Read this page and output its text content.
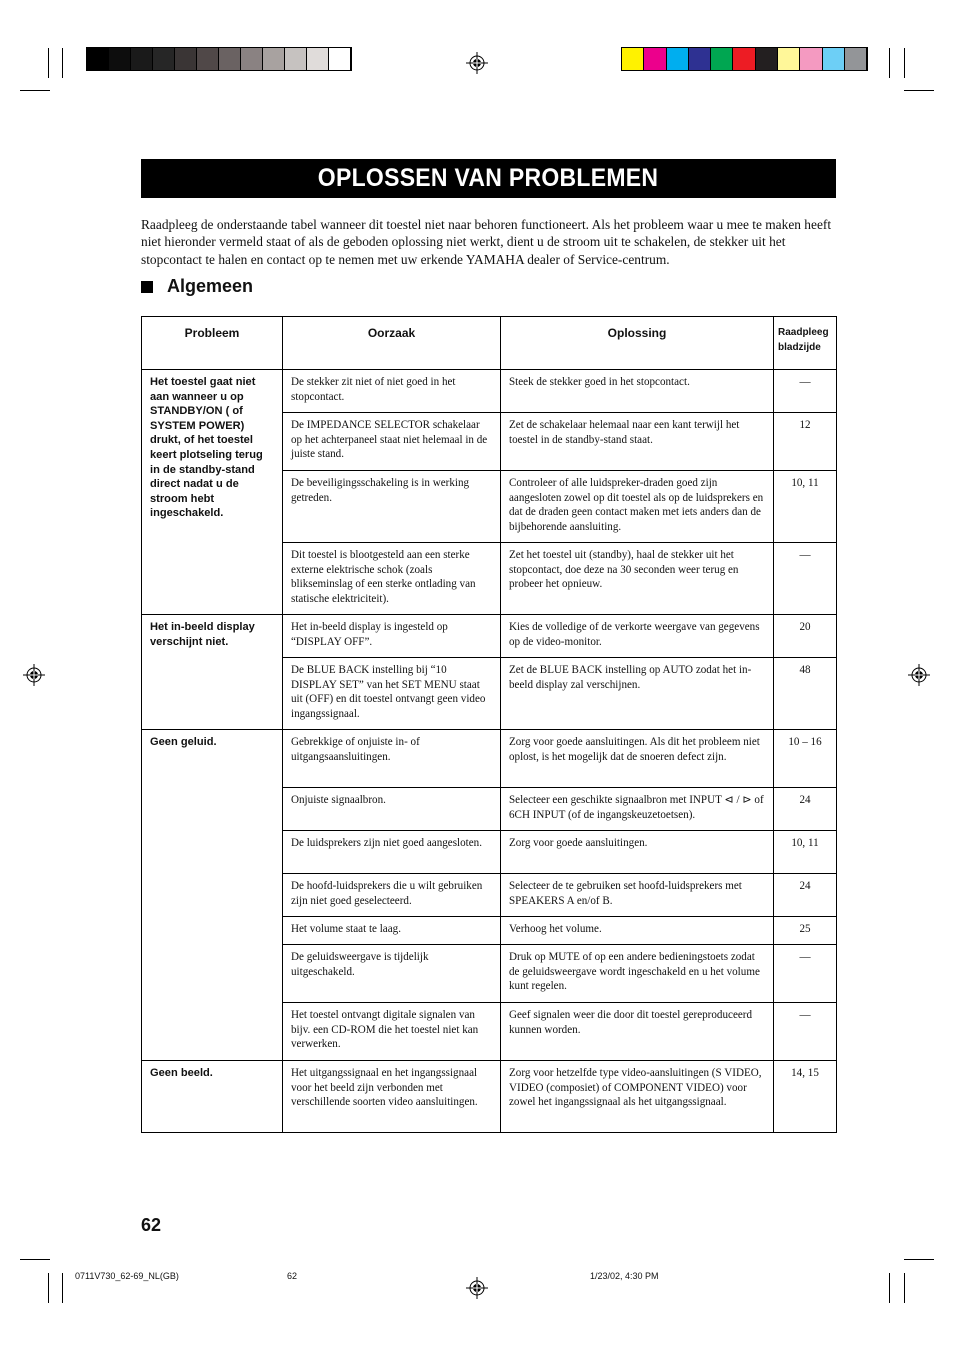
OPLOSSEN VAN PROBLEMEN
Raadpleeg de onderstaande tabel wanneer dit toestel niet naar behoren functioneert. Als het probleem waar u mee te maken heeft niet hieronder vermeld staat of als de geboden oplossing niet werkt, dient u de stroom uit te schakelen, de stekker uit het stopcontact te halen en contact op te nemen met uw erkende YAMAHA dealer of Service-centrum.
Algemeen
Probleem	Oorzaak	Oplossing	Raadpleeg
bladzijde
Het toestel gaat niet aan wanneer u op STANDBY/ON ( of SYSTEM POWER) drukt, of het toestel keert plotseling terug in de standby-stand direct nadat u de stroom hebt ingeschakeld.	De stekker zit niet of niet goed in het stopcontact.	Steek de stekker goed in het stopcontact.	—
	De IMPEDANCE SELECTOR schakelaar op het achterpaneel staat niet helemaal in de juiste stand.	Zet de schakelaar helemaal naar een kant terwijl het toestel in de standby-stand staat.	12
	De beveiligingsschakeling is in werking getreden.	Controleer of alle luidspreker-draden goed zijn aangesloten zowel op dit toestel als op de luidsprekers en dat de draden geen contact maken met iets anders dan de bijbehorende aansluiting.	10, 11
	Dit toestel is blootgesteld aan een sterke externe elektrische schok (zoals blikseminslag of een sterke ontlading van statische elektriciteit).	Zet het toestel uit (standby), haal de stekker uit het stopcontact, doe deze na 30 seconden weer terug en probeer het opnieuw.	—
Het in-beeld display verschijnt niet.	Het in-beeld display is ingesteld op “DISPLAY OFF”.	Kies de volledige of de verkorte weergave van gegevens op de video-monitor.	20
	De BLUE BACK instelling bij “10 DISPLAY SET” van het SET MENU staat uit (OFF) en dit toestel ontvangt geen video ingangssignaal.	Zet de BLUE BACK instelling op AUTO zodat het in-beeld display zal verschijnen.	48
Geen geluid.	Gebrekkige of onjuiste in- of uitgangsaansluitingen.	Zorg voor goede aansluitingen. Als dit het probleem niet oplost, is het mogelijk dat de snoeren defect zijn.	10 – 16
	Onjuiste signaalbron.	Selecteer een geschikte signaalbron met INPUT ⊲ / ⊳ of 6CH INPUT (of de ingangskeuzetoetsen).	24
	De luidsprekers zijn niet goed aangesloten.	Zorg voor goede aansluitingen.	10, 11
	De hoofd-luidsprekers die u wilt gebruiken zijn niet goed geselecteerd.	Selecteer de te gebruiken set hoofd-luidsprekers met SPEAKERS A en/of B.	24
	Het volume staat te laag.	Verhoog het volume.	25
	De geluidsweergave is tijdelijk uitgeschakeld.	Druk op MUTE of op een andere bedieningstoets zodat de geluidsweergave wordt ingeschakeld en u het volume kunt regelen.	—
	Het toestel ontvangt digitale signalen van bijv. een CD-ROM die het toestel niet kan verwerken.	Geef signalen weer die door dit toestel gereproduceerd kunnen worden.	—
Geen beeld.	Het uitgangssignaal en het ingangssignaal voor het beeld zijn verbonden met verschillende soorten video aansluitingen.	Zorg voor hetzelfde type video-aansluitingen (S VIDEO, VIDEO (composiet) of COMPONENT VIDEO) voor zowel het ingangssignaal als het uitgangssignaal.	14, 15
62
0711V730_62-69_NL(GB)	62	1/23/02, 4:30 PM
